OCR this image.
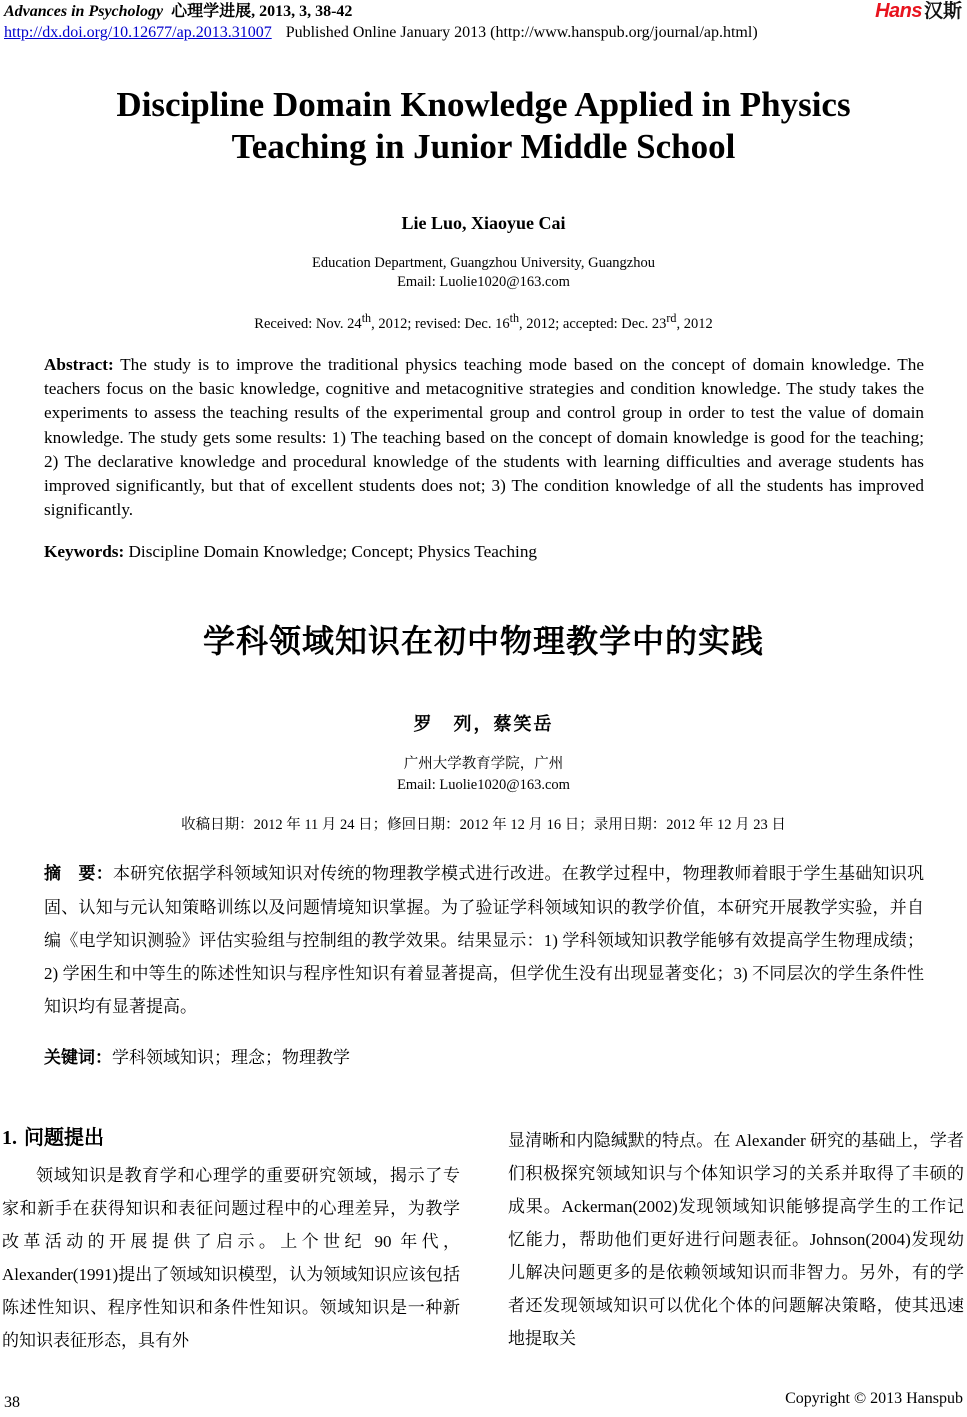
Advances in Psychology 心理学进展, 2013, 3, 38-42
http://dx.doi.org/10.12677/ap.2013.31007 Published Online January 2013 (http://www.hanspub.org/journal/ap.html)
Hans 汉斯
Discipline Domain Knowledge Applied in Physics
Teaching in Junior Middle School
Lie Luo, Xiaoyue Cai
Education Department, Guangzhou University, Guangzhou
Email: Luolie1020@163.com
Received: Nov. 24th, 2012; revised: Dec. 16th, 2012; accepted: Dec. 23rd, 2012
Abstract: The study is to improve the traditional physics teaching mode based on the concept of domain knowledge. The teachers focus on the basic knowledge, cognitive and metacognitive strategies and condition knowledge. The study takes the experiments to assess the teaching results of the experimental group and control group in order to test the value of domain knowledge. The study gets some results: 1) The teaching based on the concept of domain knowledge is good for the teaching; 2) The declarative knowledge and procedural knowledge of the students with learning difficulties and average students has improved significantly, but that of excellent students does not; 3) The condition knowledge of all the students has improved significantly.
Keywords: Discipline Domain Knowledge; Concept; Physics Teaching
学科领域知识在初中物理教学中的实践
罗　列，蔡笑岳
广州大学教育学院，广州
Email: Luolie1020@163.com
收稿日期：2012 年 11 月 24 日；修回日期：2012 年 12 月 16 日；录用日期：2012 年 12 月 23 日
摘　要：本研究依据学科领域知识对传统的物理教学模式进行改进。在教学过程中，物理教师着眼于学生基础知识巩固、认知与元认知策略训练以及问题情境知识掌握。为了验证学科领域知识的教学价值，本研究开展教学实验，并自编《电学知识测验》评估实验组与控制组的教学效果。结果显示：1) 学科领域知识教学能够有效提高学生物理成绩；2) 学困生和中等生的陈述性知识与程序性知识有着显著提高，但学优生没有出现显著变化；3) 不同层次的学生条件性知识均有显著提高。
关键词：学科领域知识；理念；物理教学
1. 问题提出
领域知识是教育学和心理学的重要研究领域，揭示了专家和新手在获得知识和表征问题过程中的心理差异，为教学改革活动的开展提供了启示。上个世纪 90 年代，Alexander(1991)提出了领域知识模型，认为领域知识应该包括陈述性知识、程序性知识和条件性知识。领域知识是一种新的知识表征形态，具有外
显清晰和内隐缄默的特点。在 Alexander 研究的基础上，学者们积极探究领域知识与个体知识学习的关系并取得了丰硕的成果。Ackerman(2002)发现领域知识能够提高学生的工作记忆能力，帮助他们更好进行问题表征。Johnson(2004)发现幼儿解决问题更多的是依赖领域知识而非智力。另外，有的学者还发现领域知识可以优化个体的问题解决策略，使其迅速地提取关
38	Copyright © 2013 Hanspub
